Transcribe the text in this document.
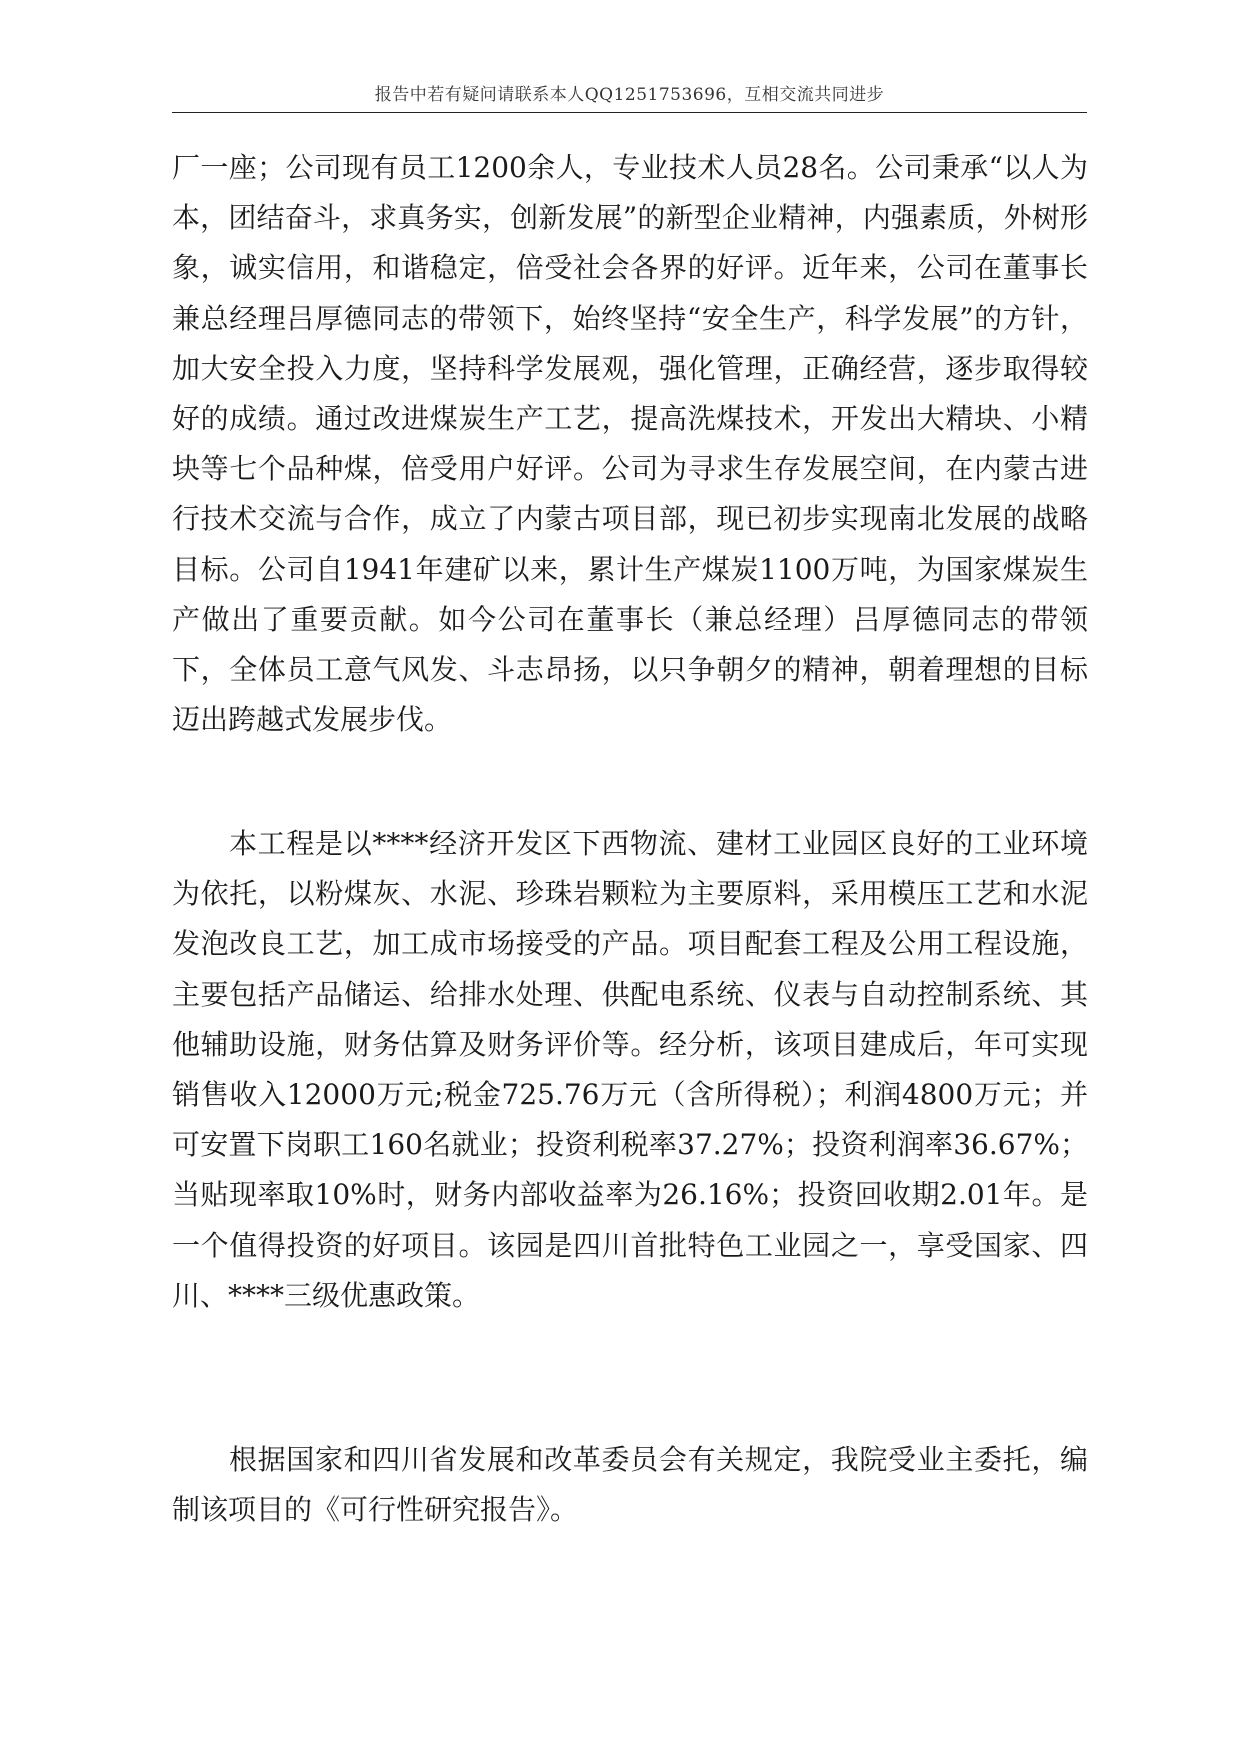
报告中若有疑问请联系本人QQ1251753696，互相交流共同进步

厂一座；公司现有员工1200余人，专业技术人员28名。公司秉承“以人为本，团结奋斗，求真务实，创新发展”的新型企业精神，内强素质，外树形象，诚实信用，和谐稳定，倍受社会各界的好评。近年来，公司在董事长兼总经理吕厚德同志的带领下，始终坚持“安全生产，科学发展”的方针，加大安全投入力度，坚持科学发展观，强化管理，正确经营，逐步取得较好的成绩。通过改进煤炭生产工艺，提高洗煤技术，开发出大精块、小精块等七个品种煤，倍受用户好评。公司为寻求生存发展空间，在内蒙古进行技术交流与合作，成立了内蒙古项目部，现已初步实现南北发展的战略目标。公司自1941年建矿以来，累计生产煤炭1100万吨，为国家煤炭生产做出了重要贡献。如今公司在董事长（兼总经理）吕厚德同志的带领下，全体员工意气风发、斗志昂扬，以只争朝夕的精神，朝着理想的目标迈出跨越式发展步伐。

本工程是以****经济开发区下西物流、建材工业园区良好的工业环境为依托，以粉煤灰、水泥、珍珠岩颗粒为主要原料，采用模压工艺和水泥发泡改良工艺，加工成市场接受的产品。项目配套工程及公用工程设施，主要包括产品储运、给排水处理、供配电系统、仪表与自动控制系统、其他辅助设施，财务估算及财务评价等。经分析，该项目建成后，年可实现销售收入12000万元;税金725.76万元（含所得税）；利润4800万元；并可安置下岗职工160名就业；投资利税率37.27%；投资利润率36.67%；当贴现率取10%时，财务内部收益率为26.16%；投资回收期2.01年。是一个值得投资的好项目。该园是四川首批特色工业园之一，享受国家、四川、****三级优惠政策。

根据国家和四川省发展和改革委员会有关规定，我院受业主委托，编制该项目的《可行性研究报告》。
